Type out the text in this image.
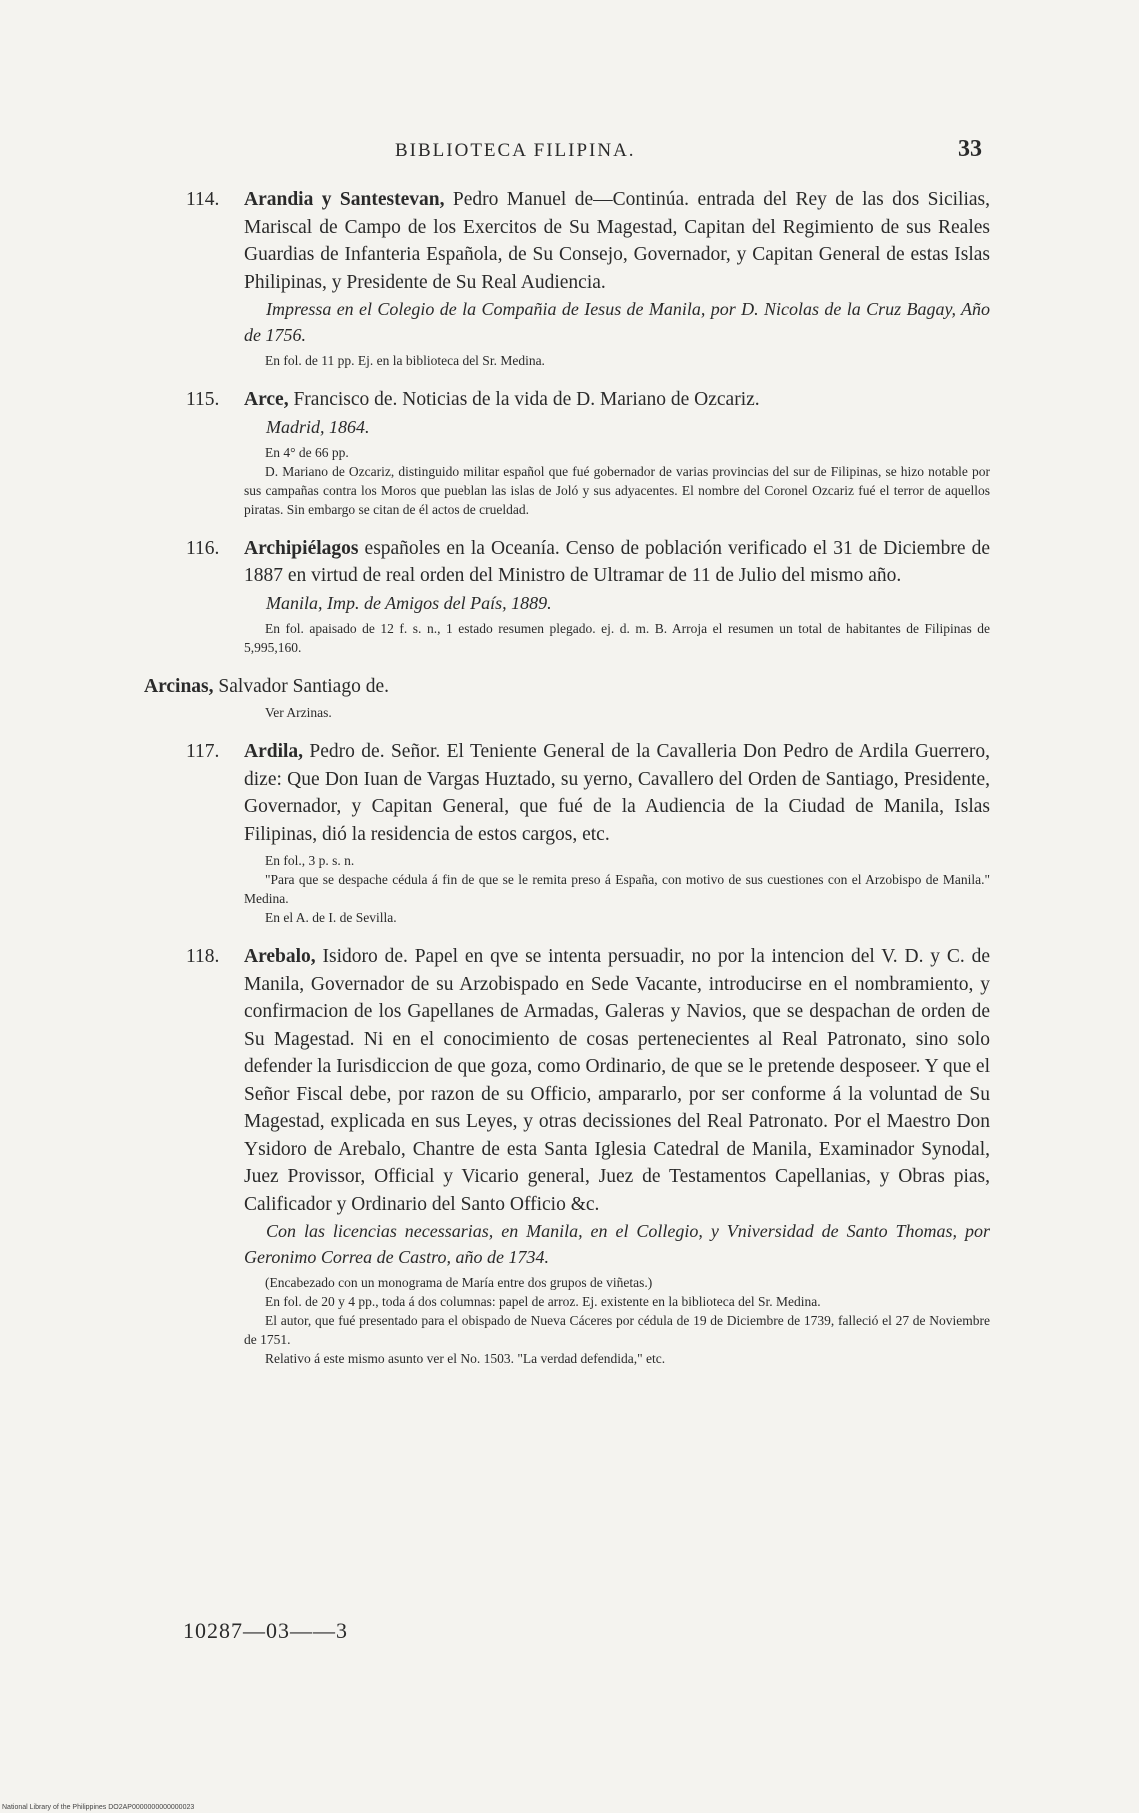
BIBLIOTECA FILIPINA.	33
114. Arandia y Santestevan, Pedro Manuel de—Continúa. entrada del Rey de las dos Sicilias, Mariscal de Campo de los Exercitos de Su Magestad, Capitan del Regimiento de sus Reales Guardias de Infanteria Española, de Su Consejo, Governador, y Capitan General de estas Islas Philipinas, y Presidente de Su Real Audiencia.
Impressa en el Colegio de la Compañia de Iesus de Manila, por D. Nicolas de la Cruz Bagay, Año de 1756.
En fol. de 11 pp. Ej. en la biblioteca del Sr. Medina.
115. Arce, Francisco de. Noticias de la vida de D. Mariano de Ozcariz.
Madrid, 1864.
En 4° de 66 pp.
D. Mariano de Ozcariz, distinguido militar español que fué gobernador de varias provincias del sur de Filipinas, se hizo notable por sus campañas contra los Moros que pueblan las islas de Joló y sus adyacentes. El nombre del Coronel Ozcariz fué el terror de aquellos piratas. Sin embargo se citan de él actos de crueldad.
116. Archipiélagos españoles en la Oceanía. Censo de población verificado el 31 de Diciembre de 1887 en virtud de real orden del Ministro de Ultramar de 11 de Julio del mismo año.
Manila, Imp. de Amigos del País, 1889.
En fol. apaisado de 12 f. s. n., 1 estado resumen plegado. ej. d. m. B. Arroja el resumen un total de habitantes de Filipinas de 5,995,160.
Arcinas, Salvador Santiago de.
Ver Arzinas.
117. Ardila, Pedro de. Señor. El Teniente General de la Cavalleria Don Pedro de Ardila Guerrero, dize: Que Don Iuan de Vargas Huztado, su yerno, Cavallero del Orden de Santiago, Presidente, Governador, y Capitan General, que fué de la Audiencia de la Ciudad de Manila, Islas Filipinas, dió la residencia de estos cargos, etc.
En fol., 3 p. s. n.
"Para que se despache cédula á fin de que se le remita preso á España, con motivo de sus cuestiones con el Arzobispo de Manila." Medina.
En el A. de I. de Sevilla.
118. Arebalo, Isidoro de. Papel en qve se intenta persuadir, no por la intencion del V. D. y C. de Manila, Governador de su Arzobispado en Sede Vacante, introducirse en el nombramiento, y confirmacion de los Gapellanes de Armadas, Galeras y Navios, que se despachan de orden de Su Magestad. Ni en el conocimiento de cosas pertenecientes al Real Patronato, sino solo defender la Iurisdiccion de que goza, como Ordinario, de que se le pretende desposeer. Y que el Señor Fiscal debe, por razon de su Officio, ampararlo, por ser conforme á la voluntad de Su Magestad, explicada en sus Leyes, y otras decissiones del Real Patronato. Por el Maestro Don Ysidoro de Arebalo, Chantre de esta Santa Iglesia Catedral de Manila, Examinador Synodal, Juez Provissor, Official y Vicario general, Juez de Testamentos Capellanias, y Obras pias, Calificador y Ordinario del Santo Officio &c.
Con las licencias necessarias, en Manila, en el Collegio, y Vniversidad de Santo Thomas, por Geronimo Correa de Castro, año de 1734.
(Encabezado con un monograma de María entre dos grupos de viñetas.)
En fol. de 20 y 4 pp., toda á dos columnas: papel de arroz. Ej. existente en la biblioteca del Sr. Medina.
El autor, que fué presentado para el obispado de Nueva Cáceres por cédula de 19 de Diciembre de 1739, falleció el 27 de Noviembre de 1751.
Relativo á este mismo asunto ver el No. 1503. "La verdad defendida," etc.
10287—03——3
National Library of the Philippines DO2AP0000000000000023
